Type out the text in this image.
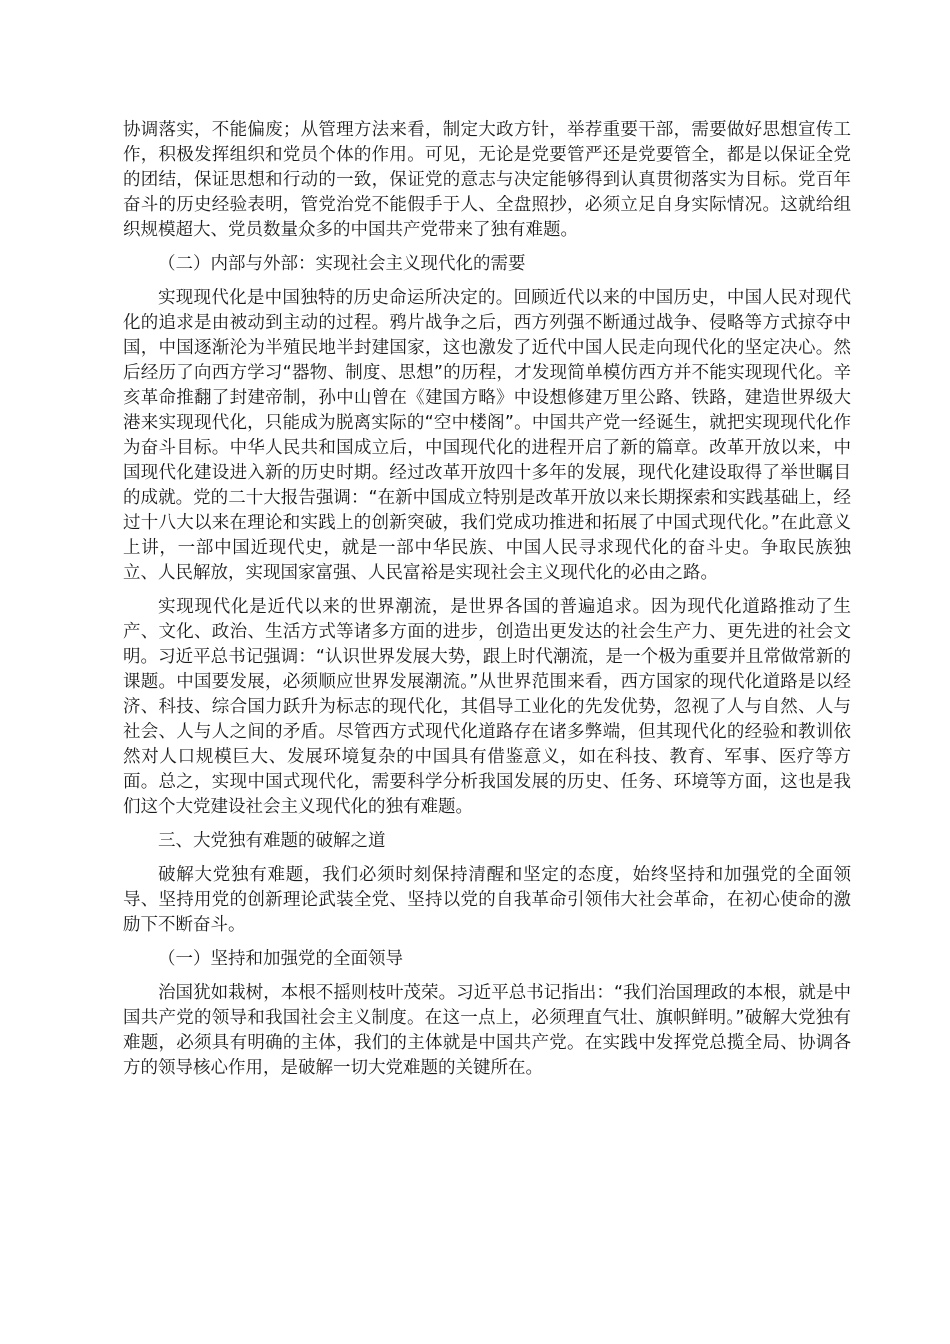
协调落实，不能偏废；从管理方法来看，制定大政方针，举荐重要干部，需要做好思想宣传工作，积极发挥组织和党员个体的作用。可见，无论是党要管严还是党要管全，都是以保证全党的团结，保证思想和行动的一致，保证党的意志与决定能够得到认真贯彻落实为目标。党百年奋斗的历史经验表明，管党治党不能假手于人、全盘照抄，必须立足自身实际情况。这就给组织规模超大、党员数量众多的中国共产党带来了独有难题。

（二）内部与外部：实现社会主义现代化的需要

实现现代化是中国独特的历史命运所决定的。回顾近代以来的中国历史，中国人民对现代化的追求是由被动到主动的过程。鸦片战争之后，西方列强不断通过战争、侵略等方式掠夺中国，中国逐渐沦为半殖民地半封建国家，这也激发了近代中国人民走向现代化的坚定决心。然后经历了向西方学习“器物、制度、思想”的历程，才发现简单模仿西方并不能实现现代化。辛亥革命推翻了封建帝制，孙中山曾在《建国方略》中设想修建万里公路、铁路，建造世界级大港来实现现代化，只能成为脱离实际的“空中楼阁”。中国共产党一经诞生，就把实现现代化作为奋斗目标。中华人民共和国成立后，中国现代化的进程开启了新的篇章。改革开放以来，中国现代化建设进入新的历史时期。经过改革开放四十多年的发展，现代化建设取得了举世瞩目的成就。党的二十大报告强调：“在新中国成立特别是改革开放以来长期探索和实践基础上，经过十八大以来在理论和实践上的创新突破，我们党成功推进和拓展了中国式现代化。”在此意义上讲，一部中国近现代史，就是一部中华民族、中国人民寻求现代化的奋斗史。争取民族独立、人民解放，实现国家富强、人民富裕是实现社会主义现代化的必由之路。

实现现代化是近代以来的世界潮流，是世界各国的普遍追求。因为现代化道路推动了生产、文化、政治、生活方式等诸多方面的进步，创造出更发达的社会生产力、更先进的社会文明。习近平总书记强调：“认识世界发展大势，跟上时代潮流，是一个极为重要并且常做常新的课题。中国要发展，必须顺应世界发展潮流。”从世界范围来看，西方国家的现代化道路是以经济、科技、综合国力跃升为标志的现代化，其倡导工业化的先发优势，忽视了人与自然、人与社会、人与人之间的矛盾。尽管西方式现代化道路存在诸多弊端，但其现代化的经验和教训依然对人口规模巨大、发展环境复杂的中国具有借鉴意义，如在科技、教育、军事、医疗等方面。总之，实现中国式现代化，需要科学分析我国发展的历史、任务、环境等方面，这也是我们这个大党建设社会主义现代化的独有难题。

三、大党独有难题的破解之道

破解大党独有难题，我们必须时刻保持清醒和坚定的态度，始终坚持和加强党的全面领导、坚持用党的创新理论武装全党、坚持以党的自我革命引领伟大社会革命，在初心使命的激励下不断奋斗。

（一）坚持和加强党的全面领导

治国犹如栽树，本根不摇则枝叶茂荣。习近平总书记指出：“我们治国理政的本根，就是中国共产党的领导和我国社会主义制度。在这一点上，必须理直气壮、旗帜鲜明。”破解大党独有难题，必须具有明确的主体，我们的主体就是中国共产党。在实践中发挥党总揽全局、协调各方的领导核心作用，是破解一切大党难题的关键所在。
